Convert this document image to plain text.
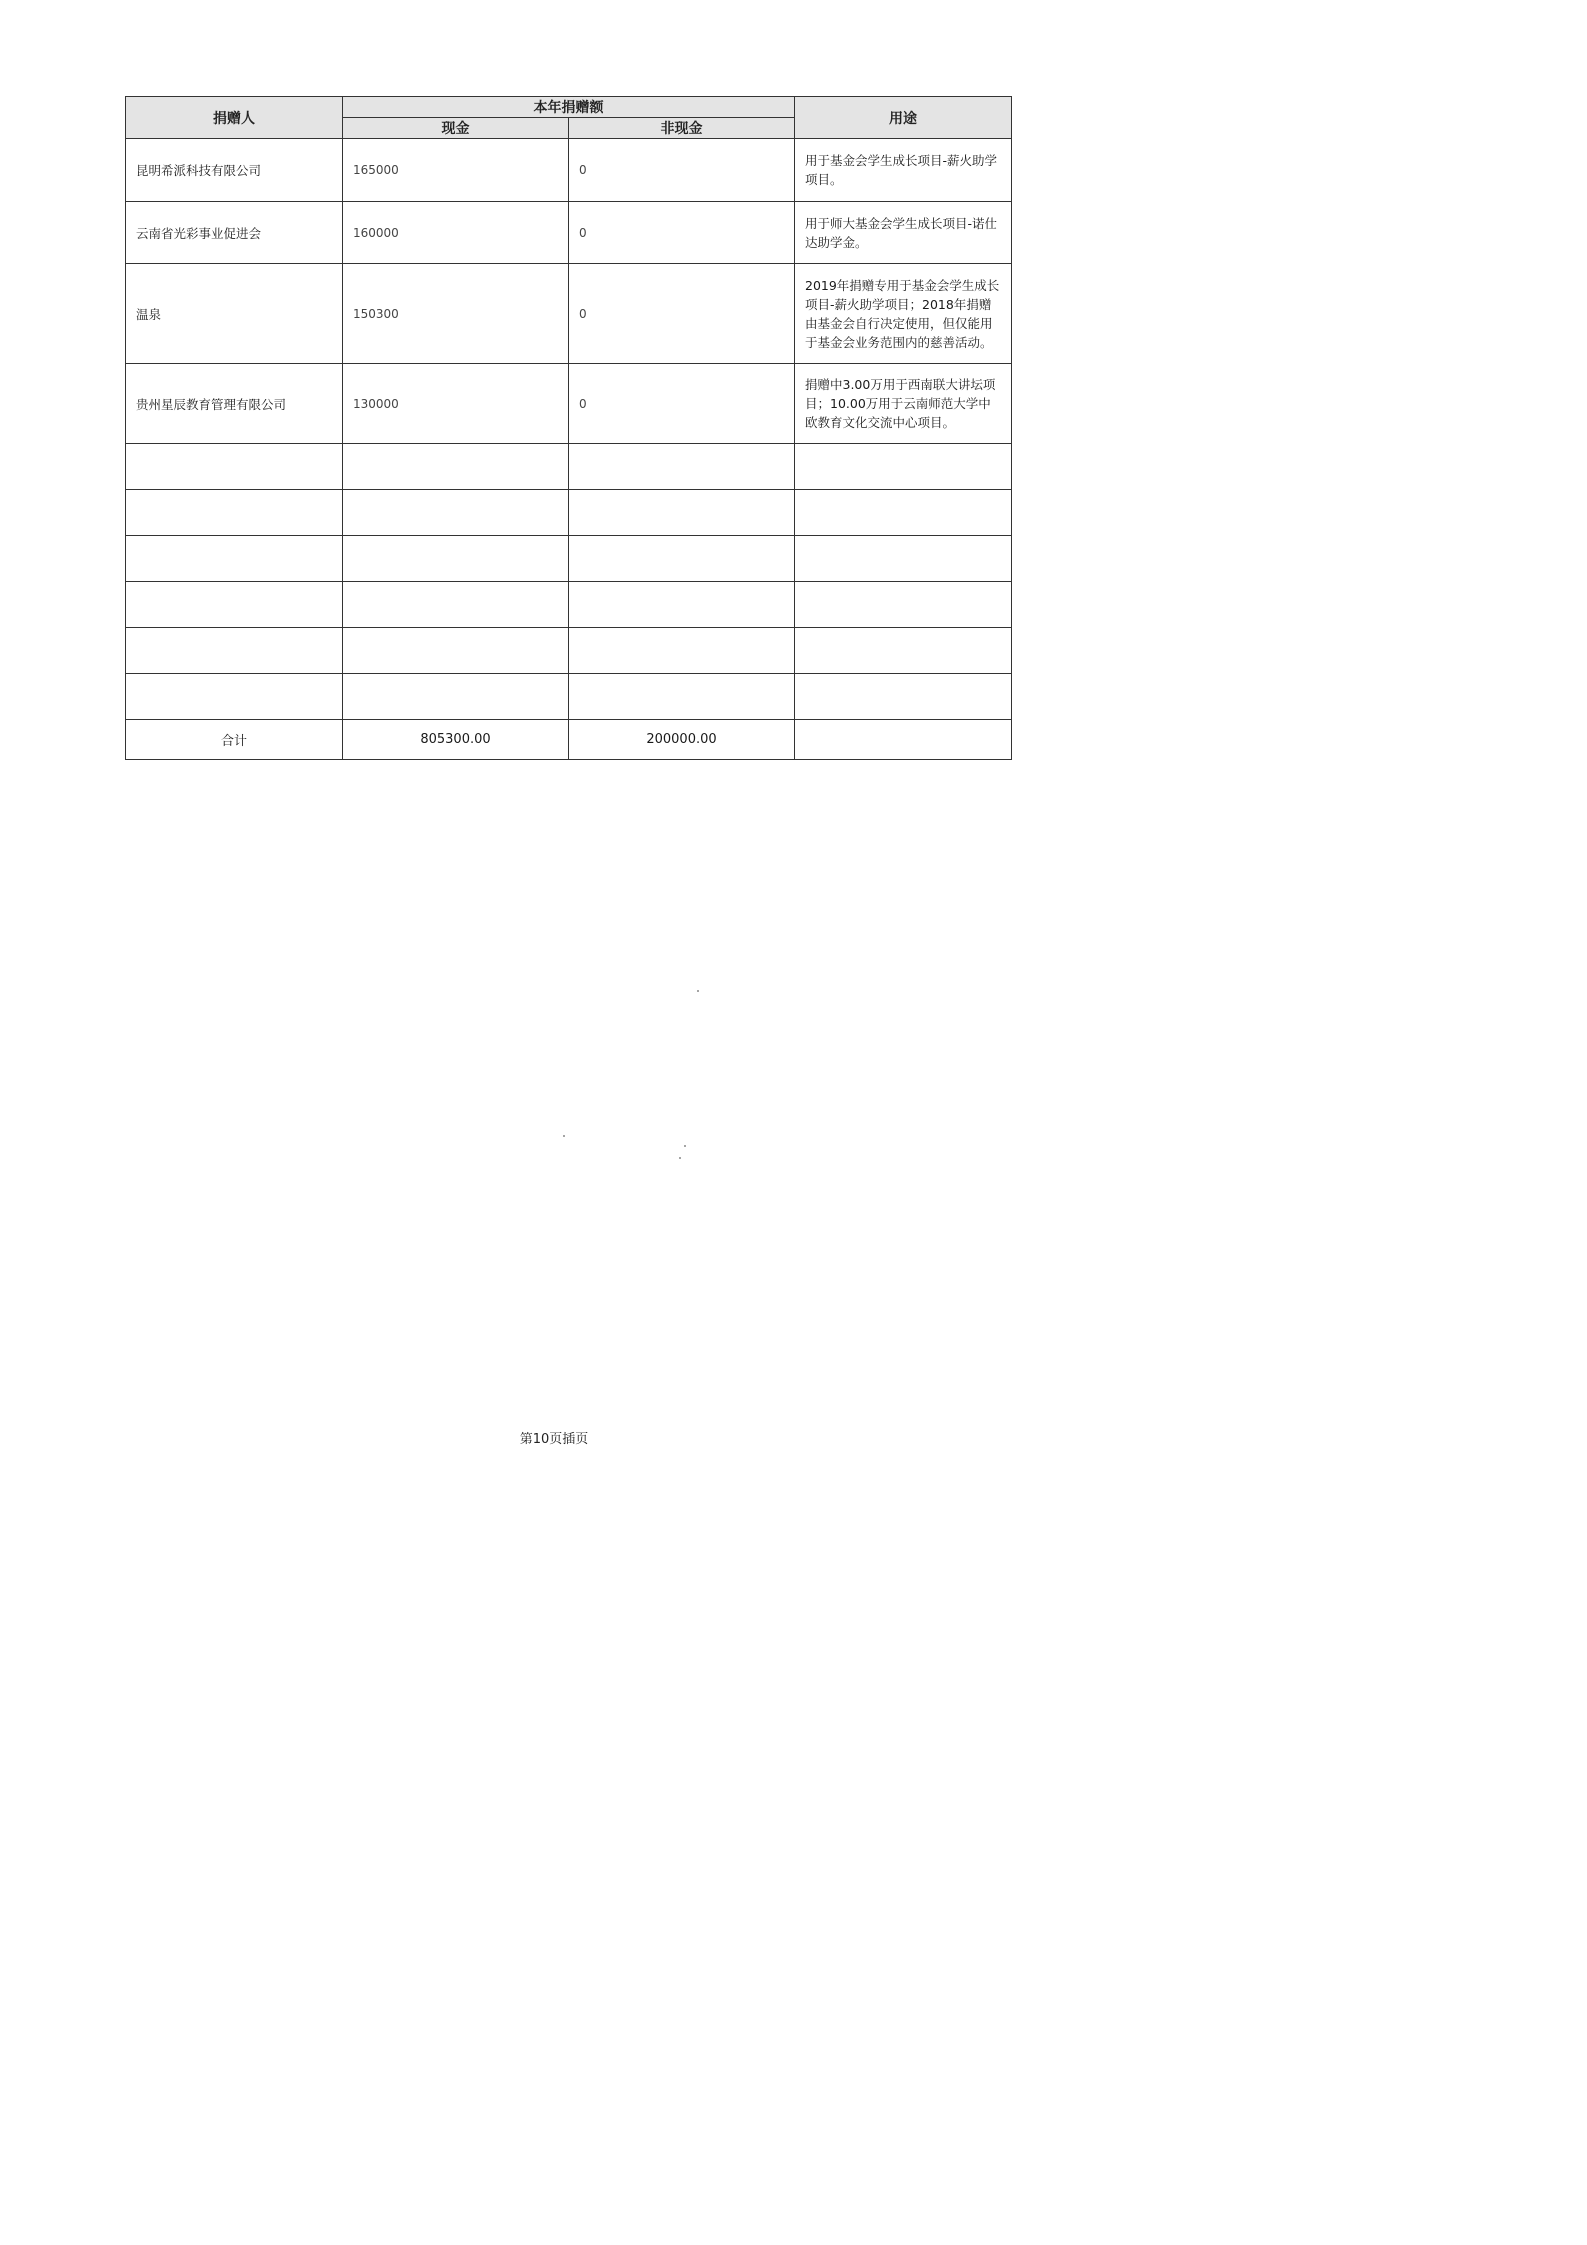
捐赠人	本年捐赠额		用途
	现金	非现金	
昆明希派科技有限公司	165000	0	用于基金会学生成长项目-薪火助学项目。
云南省光彩事业促进会	160000	0	用于师大基金会学生成长项目-诺仕达助学金。
温泉	150300	0	2019年捐赠专用于基金会学生成长项目-薪火助学项目；2018年捐赠由基金会自行决定使用，但仅能用于基金会业务范围内的慈善活动。
贵州星辰教育管理有限公司	130000	0	捐赠中3.00万用于西南联大讲坛项目；10.00万用于云南师范大学中欧教育文化交流中心项目。

合计	805300.00	200000.00	
第10页插页
